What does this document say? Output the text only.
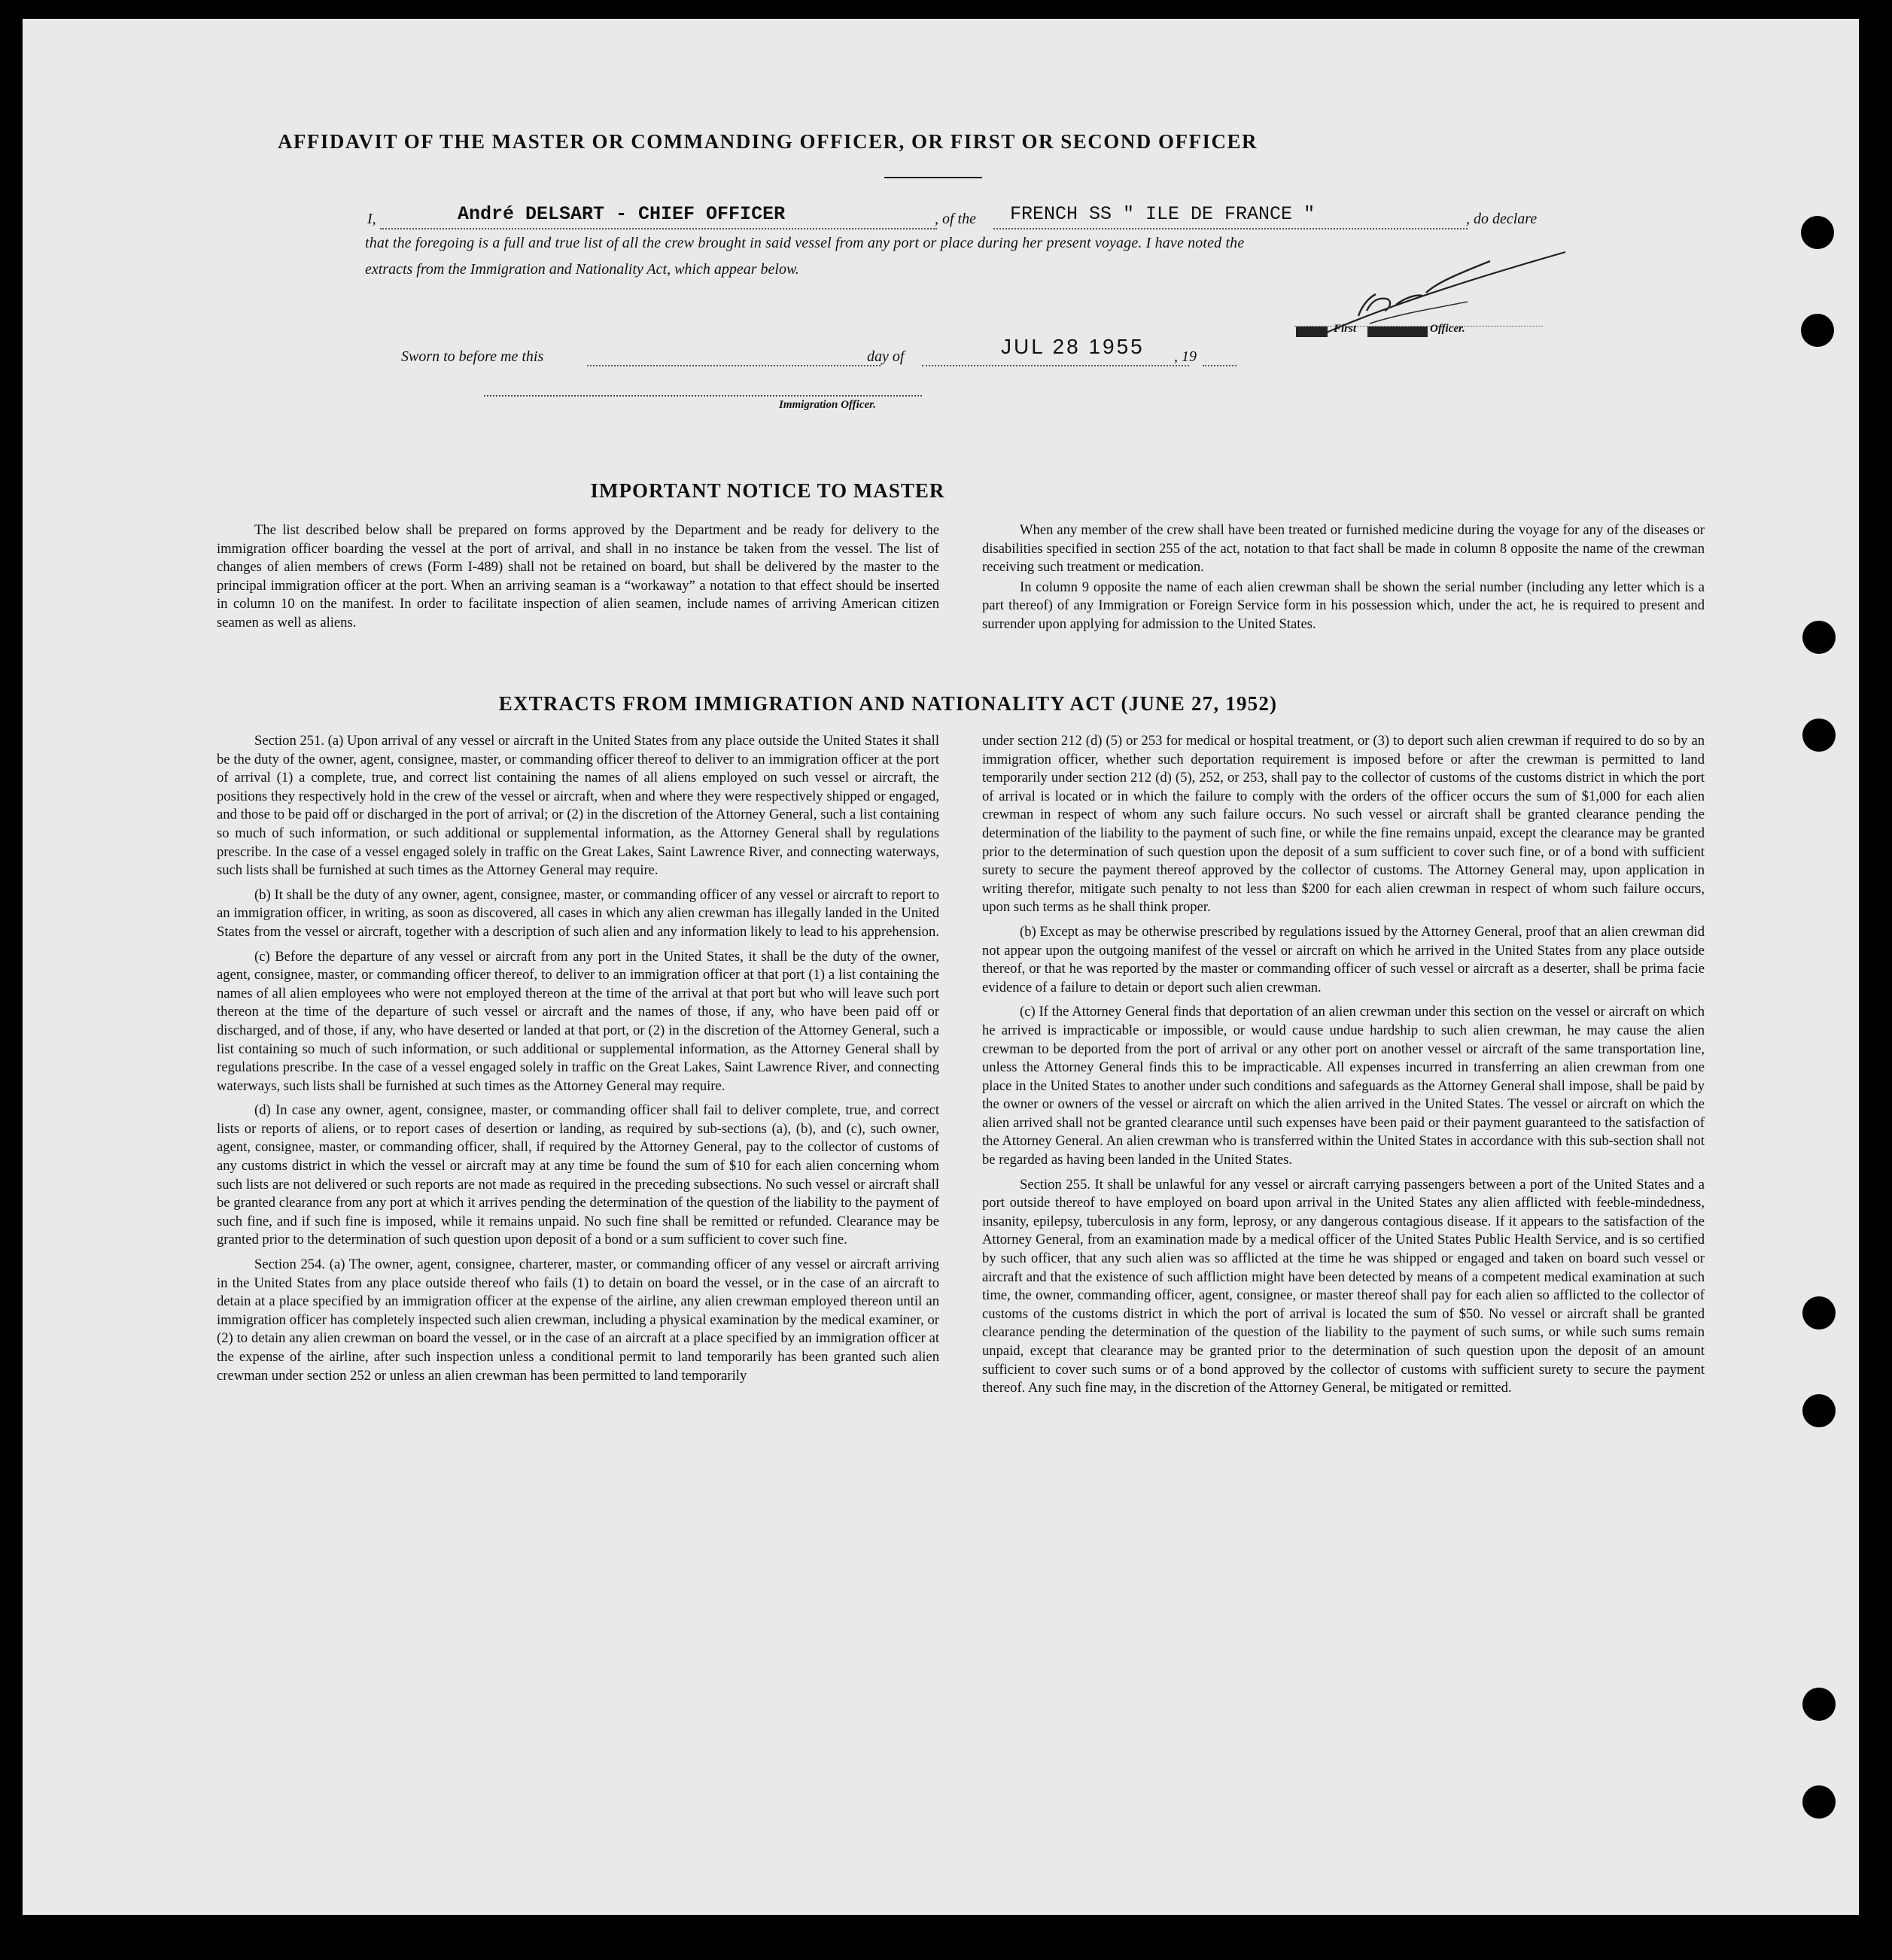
AFFIDAVIT OF THE MASTER OR COMMANDING OFFICER, OR FIRST OR SECOND OFFICER
I,	André DELSART - CHIEF OFFICER	, of the FRENCH SS " ILE DE FRANCE "	, do declare
that the foregoing is a full and true list of all the crew brought in said vessel from any port or place during her present voyage. I have noted the
extracts from the Immigration and Nationality Act, which appear below.
First	Officer.
Sworn to before me this	day of	JUL 28 1955 , 19
Immigration Officer.
IMPORTANT NOTICE TO MASTER

The list described below shall be prepared on forms approved by the Department and be ready for delivery to the immigration officer boarding the vessel at the port of arrival, and shall in no instance be taken from the vessel. The list of changes of alien members of crews (Form I-489) shall not be retained on board, but shall be delivered by the master to the principal immigration officer at the port. When an arriving seaman is a “workaway” a notation to that effect should be inserted in column 10 on the manifest. In order to facilitate inspection of alien seamen, include names of arriving American citizen seamen as well as aliens.

When any member of the crew shall have been treated or furnished medicine during the voyage for any of the diseases or disabilities specified in section 255 of the act, notation to that fact shall be made in column 8 opposite the name of the crewman receiving such treatment or medication.

In column 9 opposite the name of each alien crewman shall be shown the serial number (including any letter which is a part thereof) of any Immigration or Foreign Service form in his possession which, under the act, he is required to present and surrender upon applying for admission to the United States.

EXTRACTS FROM IMMIGRATION AND NATIONALITY ACT (JUNE 27, 1952)

Section 251. (a) Upon arrival of any vessel or aircraft in the United States from any place outside the United States it shall be the duty of the owner, agent, consignee, master, or commanding officer thereof to deliver to an immigration officer at the port of arrival (1) a complete, true, and correct list containing the names of all aliens employed on such vessel or aircraft, the positions they respectively hold in the crew of the vessel or aircraft, when and where they were respectively shipped or engaged, and those to be paid off or discharged in the port of arrival; or (2) in the discretion of the Attorney General, such a list containing so much of such information, or such additional or supplemental information, as the Attorney General shall by regulations prescribe. In the case of a vessel engaged solely in traffic on the Great Lakes, Saint Lawrence River, and connecting waterways, such lists shall be furnished at such times as the Attorney General may require.

(b) It shall be the duty of any owner, agent, consignee, master, or commanding officer of any vessel or aircraft to report to an immigration officer, in writing, as soon as discovered, all cases in which any alien crewman has illegally landed in the United States from the vessel or aircraft, together with a description of such alien and any information likely to lead to his apprehension.

(c) Before the departure of any vessel or aircraft from any port in the United States, it shall be the duty of the owner, agent, consignee, master, or commanding officer thereof, to deliver to an immigration officer at that port (1) a list containing the names of all alien employees who were not employed thereon at the time of the arrival at that port but who will leave such port thereon at the time of the departure of such vessel or aircraft and the names of those, if any, who have been paid off or discharged, and of those, if any, who have deserted or landed at that port, or (2) in the discretion of the Attorney General, such a list containing so much of such information, or such additional or supplemental information, as the Attorney General shall by regulations prescribe. In the case of a vessel engaged solely in traffic on the Great Lakes, Saint Lawrence River, and connecting waterways, such lists shall be furnished at such times as the Attorney General may require.

(d) In case any owner, agent, consignee, master, or commanding officer shall fail to deliver complete, true, and correct lists or reports of aliens, or to report cases of desertion or landing, as required by sub-sections (a), (b), and (c), such owner, agent, consignee, master, or commanding officer, shall, if required by the Attorney General, pay to the collector of customs of any customs district in which the vessel or aircraft may at any time be found the sum of $10 for each alien concerning whom such lists are not delivered or such reports are not made as required in the preceding subsections. No such vessel or aircraft shall be granted clearance from any port at which it arrives pending the determination of the question of the liability to the payment of such fine, and if such fine is imposed, while it remains unpaid. No such fine shall be remitted or refunded. Clearance may be granted prior to the determination of such question upon deposit of a bond or a sum sufficient to cover such fine.

Section 254. (a) The owner, agent, consignee, charterer, master, or commanding officer of any vessel or aircraft arriving in the United States from any place outside thereof who fails (1) to detain on board the vessel, or in the case of an aircraft to detain at a place specified by an immigration officer at the expense of the airline, any alien crewman employed thereon until an immigration officer has completely inspected such alien crewman, including a physical examination by the medical examiner, or (2) to detain any alien crewman on board the vessel, or in the case of an aircraft at a place specified by an immigration officer at the expense of the airline, after such inspection unless a conditional permit to land temporarily has been granted such alien crewman under section 252 or unless an alien crewman has been permitted to land temporarily

under section 212 (d) (5) or 253 for medical or hospital treatment, or (3) to deport such alien crewman if required to do so by an immigration officer, whether such deportation requirement is imposed before or after the crewman is permitted to land temporarily under section 212 (d) (5), 252, or 253, shall pay to the collector of customs of the customs district in which the port of arrival is located or in which the failure to comply with the orders of the officer occurs the sum of $1,000 for each alien crewman in respect of whom any such failure occurs. No such vessel or aircraft shall be granted clearance pending the determination of the liability to the payment of such fine, or while the fine remains unpaid, except the clearance may be granted prior to the determination of such question upon the deposit of a sum sufficient to cover such fine, or of a bond with sufficient surety to secure the payment thereof approved by the collector of customs. The Attorney General may, upon application in writing therefor, mitigate such penalty to not less than $200 for each alien crewman in respect of whom such failure occurs, upon such terms as he shall think proper.

(b) Except as may be otherwise prescribed by regulations issued by the Attorney General, proof that an alien crewman did not appear upon the outgoing manifest of the vessel or aircraft on which he arrived in the United States from any place outside thereof, or that he was reported by the master or commanding officer of such vessel or aircraft as a deserter, shall be prima facie evidence of a failure to detain or deport such alien crewman.

(c) If the Attorney General finds that deportation of an alien crewman under this section on the vessel or aircraft on which he arrived is impracticable or impossible, or would cause undue hardship to such alien crewman, he may cause the alien crewman to be deported from the port of arrival or any other port on another vessel or aircraft of the same transportation line, unless the Attorney General finds this to be impracticable. All expenses incurred in transferring an alien crewman from one place in the United States to another under such conditions and safeguards as the Attorney General shall impose, shall be paid by the owner or owners of the vessel or aircraft on which the alien arrived in the United States. The vessel or aircraft on which the alien arrived shall not be granted clearance until such expenses have been paid or their payment guaranteed to the satisfaction of the Attorney General. An alien crewman who is transferred within the United States in accordance with this sub-section shall not be regarded as having been landed in the United States.

Section 255. It shall be unlawful for any vessel or aircraft carrying passengers between a port of the United States and a port outside thereof to have employed on board upon arrival in the United States any alien afflicted with feeble-mindedness, insanity, epilepsy, tuberculosis in any form, leprosy, or any dangerous contagious disease. If it appears to the satisfaction of the Attorney General, from an examination made by a medical officer of the United States Public Health Service, and is so certified by such officer, that any such alien was so afflicted at the time he was shipped or engaged and taken on board such vessel or aircraft and that the existence of such affliction might have been detected by means of a competent medical examination at such time, the owner, commanding officer, agent, consignee, or master thereof shall pay for each alien so afflicted to the collector of customs of the customs district in which the port of arrival is located the sum of $50. No vessel or aircraft shall be granted clearance pending the determination of the question of the liability to the payment of such sums, or while such sums remain unpaid, except that clearance may be granted prior to the determination of such question upon the deposit of an amount sufficient to cover such sums or of a bond approved by the collector of customs with sufficient surety to secure the payment thereof. Any such fine may, in the discretion of the Attorney General, be mitigated or remitted.
